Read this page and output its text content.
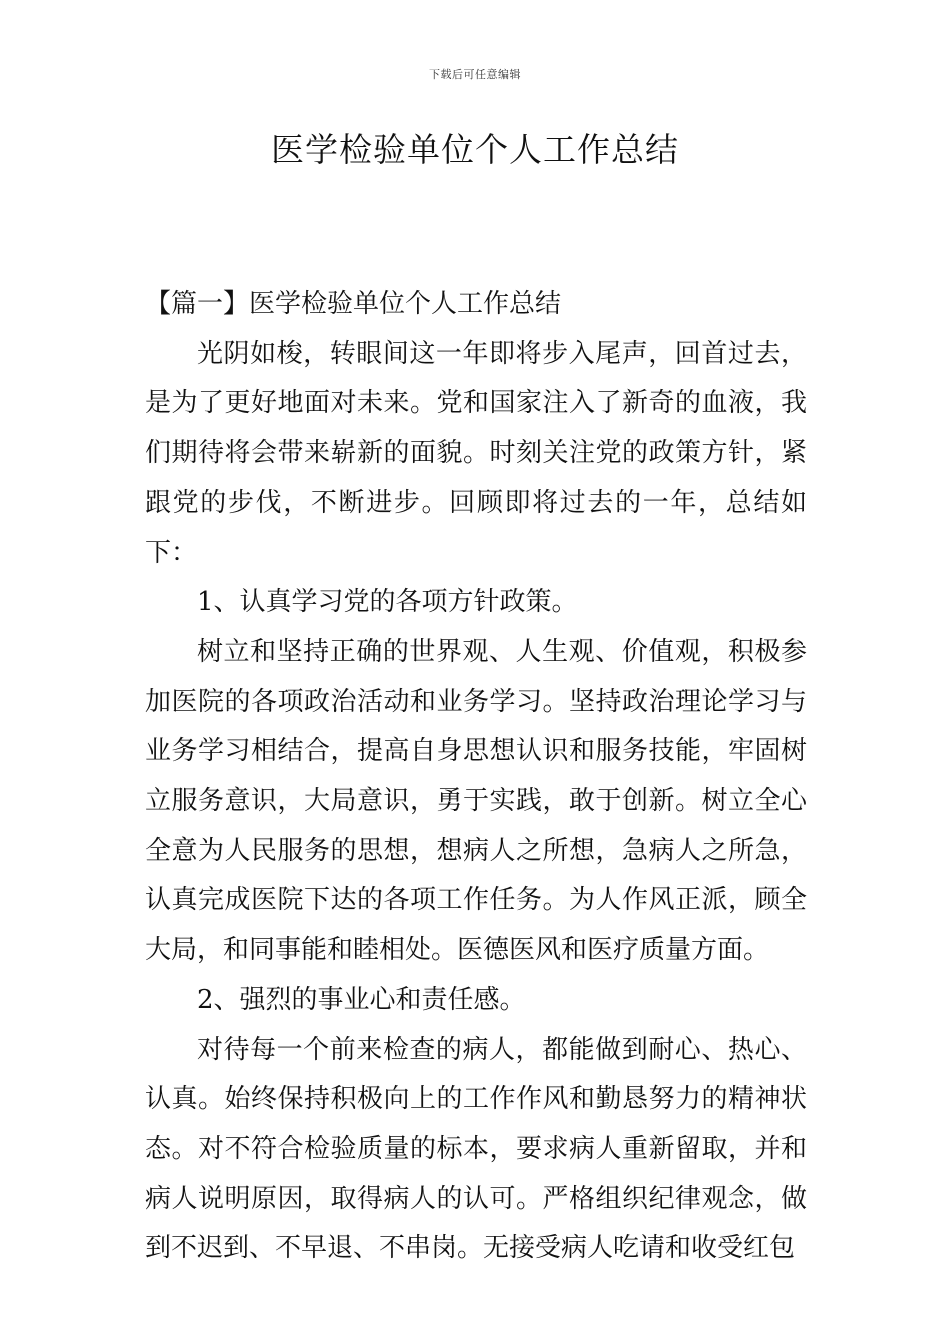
下载后可任意编辑
医学检验单位个人工作总结

【篇一】医学检验单位个人工作总结

光阴如梭，转眼间这一年即将步入尾声，回首过去，是为了更好地面对未来。党和国家注入了新奇的血液，我们期待将会带来崭新的面貌。时刻关注党的政策方针，紧跟党的步伐，不断进步。回顾即将过去的一年，总结如下：

1、认真学习党的各项方针政策。

树立和坚持正确的世界观、人生观、价值观，积极参加医院的各项政治活动和业务学习。坚持政治理论学习与业务学习相结合，提高自身思想认识和服务技能，牢固树立服务意识，大局意识，勇于实践，敢于创新。树立全心全意为人民服务的思想，想病人之所想，急病人之所急，认真完成医院下达的各项工作任务。为人作风正派，顾全大局，和同事能和睦相处。医德医风和医疗质量方面。

2、强烈的事业心和责任感。

对待每一个前来检查的病人，都能做到耐心、热心、认真。始终保持积极向上的工作作风和勤恳努力的精神状态。对不符合检验质量的标本，要求病人重新留取，并和病人说明原因，取得病人的认可。严格组织纪律观念，做到不迟到、不早退、不串岗。无接受病人吃请和收受红包
